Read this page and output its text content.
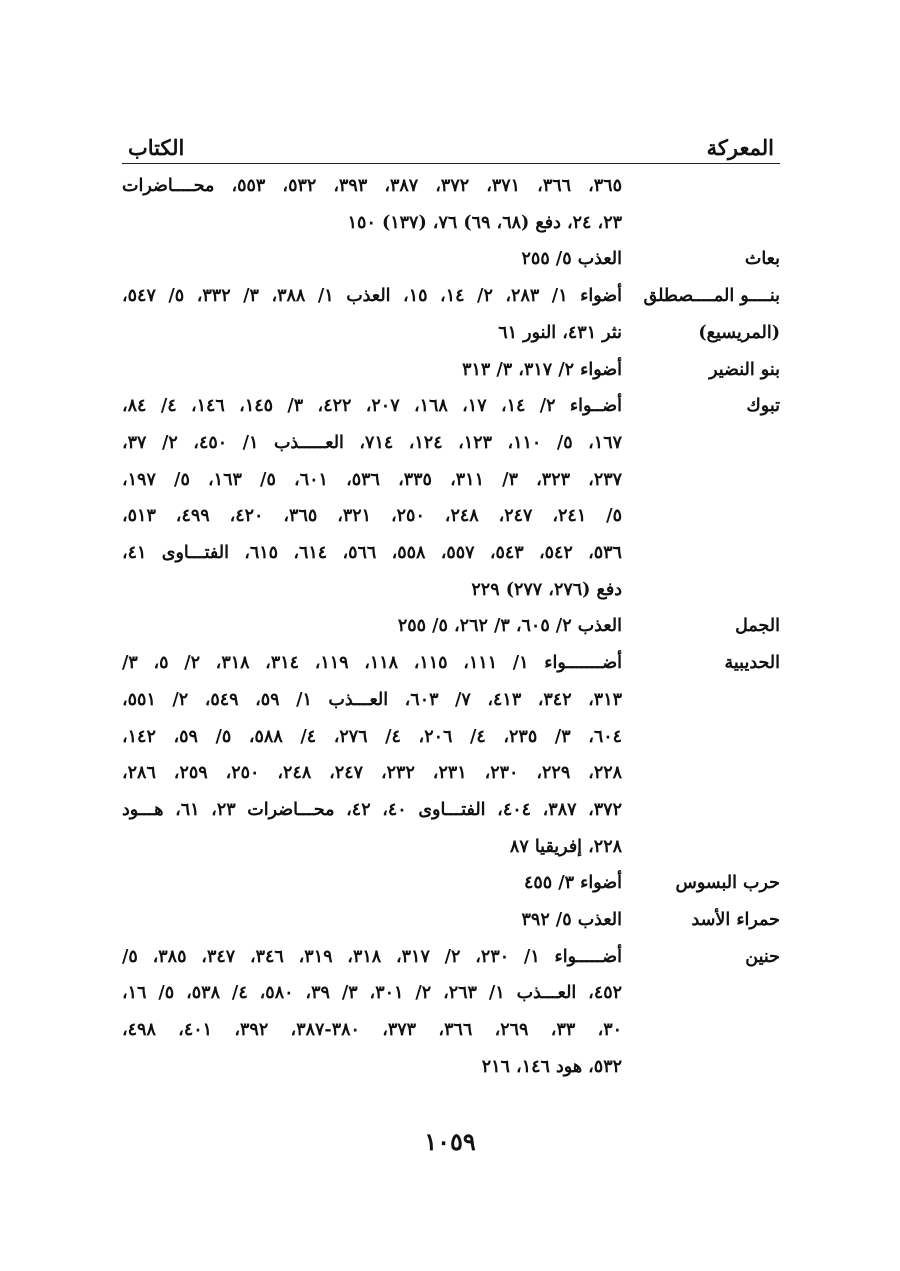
المعركة
الكتاب
٣٦٥، ٣٦٦، ٣٧١، ٣٧٢، ٣٨٧، ٣٩٣، ٥٣٢، ٥٥٣، محــــاضرات
٢٣، ٢٤، دفع (٦٨، ٦٩) ٧٦، (١٣٧) ١٥٠
بعاث
العذب ٥/ ٢٥٥
بنــــو المــــصطلق
(المريسيع)
أضواء ١/ ٢٨٣، ٢/ ١٤، ١٥، العذب ١/ ٣٨٨، ٣/ ٣٣٢، ٥/ ٥٤٧،
نثر ٤٣١، النور ٦١
بنو النضير
أضواء ٢/ ٣١٧، ٣/ ٣١٣
تبوك
أضــواء ٢/ ١٤، ١٧، ١٦٨، ٢٠٧، ٤٢٢، ٣/ ١٤٥، ١٤٦، ٤/ ٨٤،
١٦٧، ٥/ ١١٠، ١٢٣، ١٢٤، ٧١٤، العـــــذب ١/ ٤٥٠، ٢/ ٣٧،
٢٣٧، ٣٢٣، ٣/ ٣١١، ٣٣٥، ٥٣٦، ٦٠١، ٥/ ١٦٣، ٥/ ١٩٧،
٥/ ٢٤١، ٢٤٧، ٢٤٨، ٢٥٠، ٣٢١، ٣٦٥، ٤٢٠، ٤٩٩، ٥١٣،
٥٣٦، ٥٤٢، ٥٤٣، ٥٥٧، ٥٥٨، ٥٦٦، ٦١٤، ٦١٥، الفتـــاوى ٤١،
دفع (٢٧٦، ٢٧٧) ٢٢٩
الجمل
العذب ٢/ ٦٠٥، ٣/ ٢٦٢، ٥/ ٢٥٥
الحديبية
أضـــــــواء ١/ ١١١، ١١٥، ١١٨، ١١٩، ٣١٤، ٣١٨، ٢/ ٥، ٣/
٣١٣، ٣٤٢، ٤١٣، ٧/ ٦٠٣، العـــذب ١/ ٥٩، ٥٤٩، ٢/ ٥٥١،
٦٠٤، ٣/ ٢٣٥، ٤/ ٢٠٦، ٤/ ٢٧٦، ٤/ ٥٨٨، ٥/ ٥٩، ١٤٢،
٢٢٨، ٢٢٩، ٢٣٠، ٢٣١، ٢٣٢، ٢٤٧، ٢٤٨، ٢٥٠، ٢٥٩، ٢٨٦،
٣٧٢، ٣٨٧، ٤٠٤، الفتـــاوى ٤٠، ٤٢، محـــاضرات ٢٣، ٦١، هـــود
٢٢٨، إفريقيا ٨٧
حرب البسوس
أضواء ٣/ ٤٥٥
حمراء الأسد
العذب ٥/ ٣٩٢
حنين
أضـــــواء ١/ ٢٣٠، ٢/ ٣١٧، ٣١٨، ٣١٩، ٣٤٦، ٣٤٧، ٣٨٥، ٥/
٤٥٢، العـــذب ١/ ٢٦٣، ٢/ ٣٠١، ٣/ ٣٩، ٥٨٠، ٤/ ٥٣٨، ٥/ ١٦،
٣٠، ٣٣، ٢٦٩، ٣٦٦، ٣٧٣، ٣٨٠-٣٨٧، ٣٩٢، ٤٠١، ٤٩٨،
٥٣٢، هود ١٤٦، ٢١٦
١٠٥٩
